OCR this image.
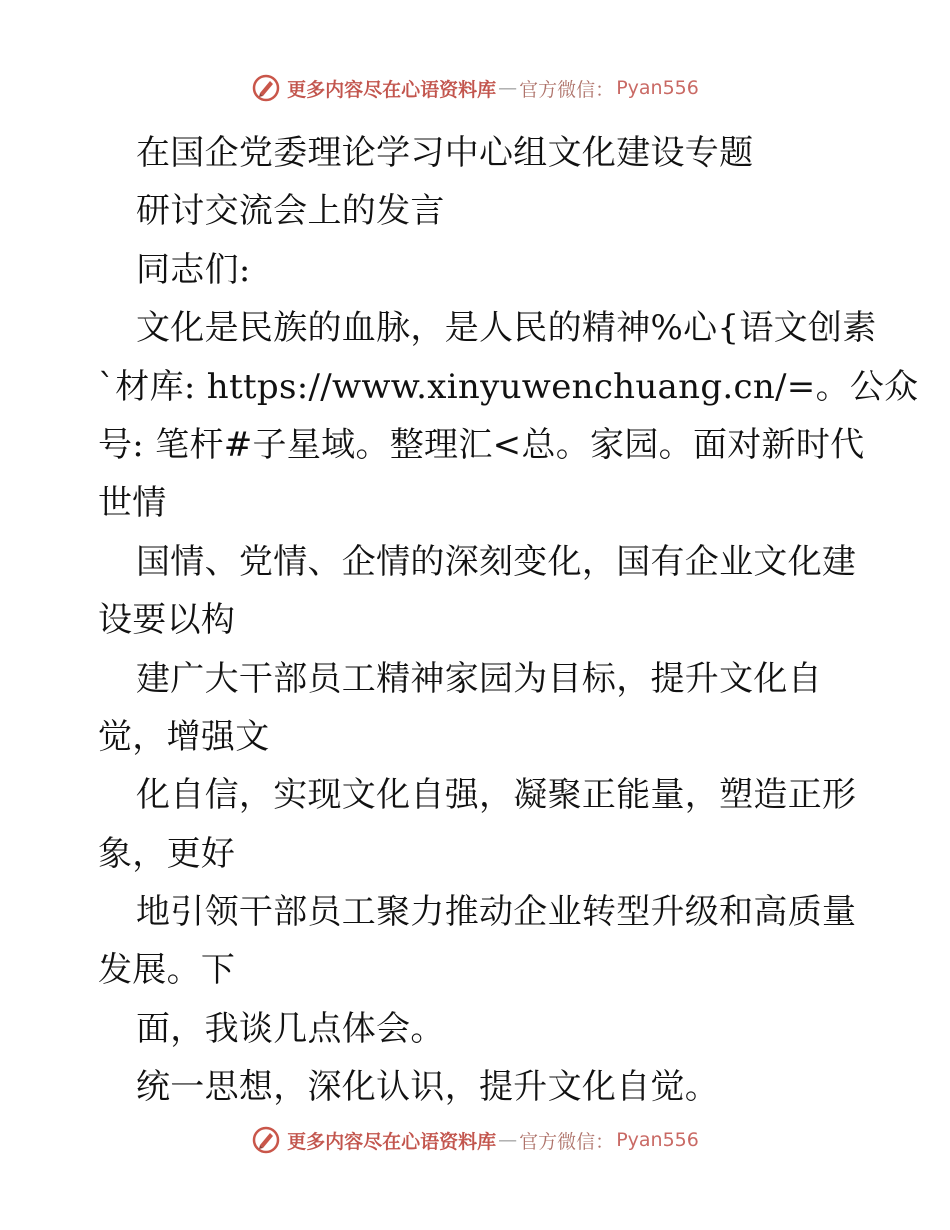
更多内容尽在心语资料库 — 官方微信： Pyan556
在国企党委理论学习中心组文化建设专题
研讨交流会上的发言
同志们:
文化是民族的血脉，是人民的精神%心{语文创素
`材库: https://www.xinyuwenchuang.cn/=。公众
号: 笔杆#子星域。整理汇<总。家园。面对新时代
世情
国情、党情、企情的深刻变化，国有企业文化建
设要以构
建广大干部员工精神家园为目标，提升文化自
觉，增强文
化自信，实现文化自强，凝聚正能量，塑造正形
象，更好
地引领干部员工聚力推动企业转型升级和高质量
发展。下
面，我谈几点体会。
统一思想，深化认识，提升文化自觉。
更多内容尽在心语资料库 — 官方微信： Pyan556
